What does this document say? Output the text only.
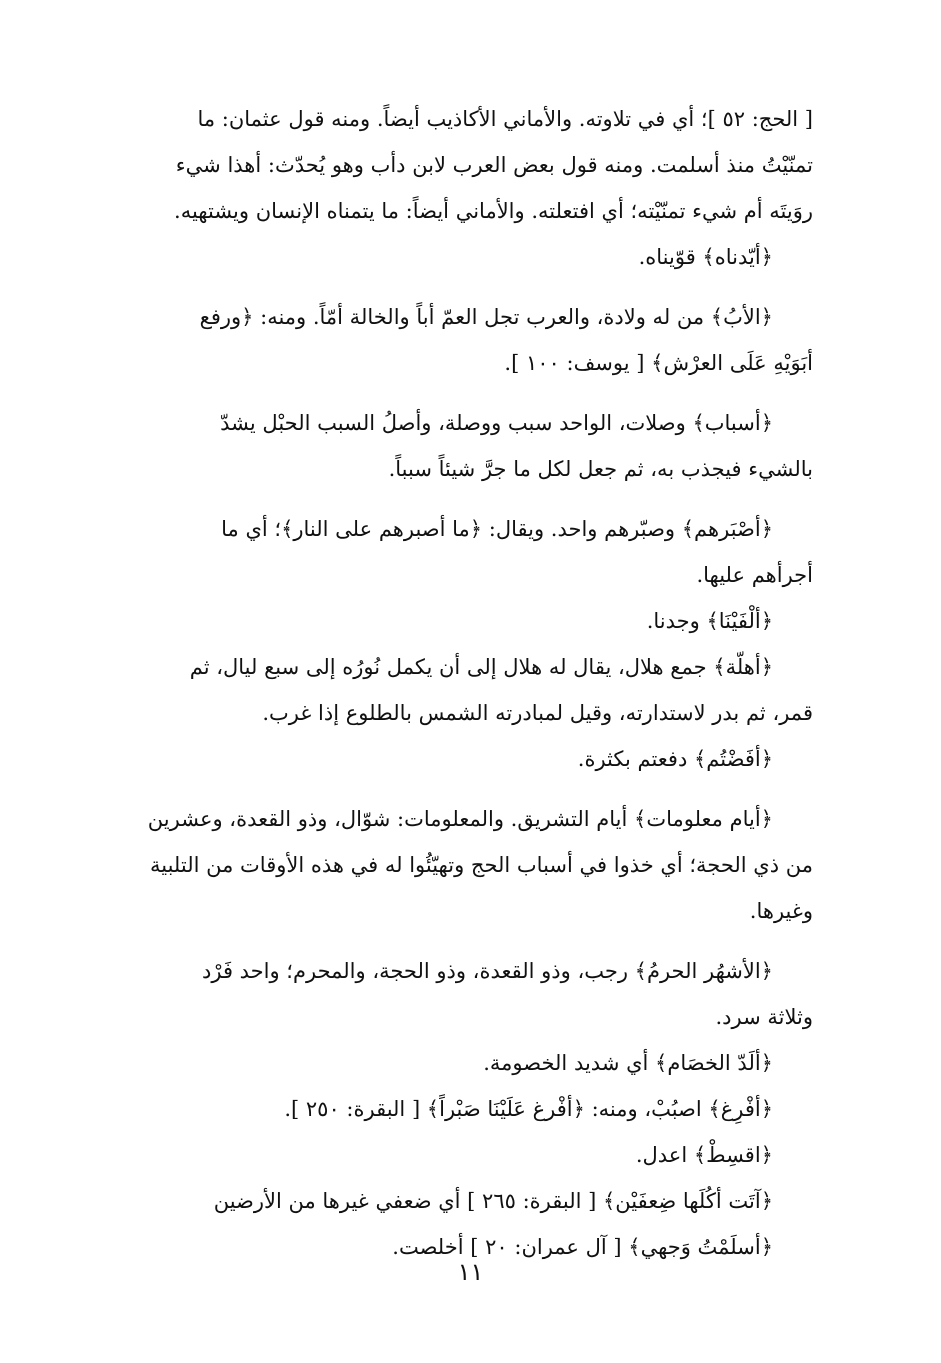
[ الحج: ٥٢ ]؛ أي في تلاوته. والأماني الأكاذيب أيضاً. ومنه قول عثمان: ما
تمنّيْتُ منذ أسلمت. ومنه قول بعض العرب لابن دأب وهو يُحدّث: أهذا شيء
روَيتَه أم شيء تمنّيْته؛ أي افتعلته. والأماني أيضاً: ما يتمناه الإنسان ويشتهيه.
﴿أيّدناه﴾ قوّيناه.
﴿الأبُ﴾ من له ولادة، والعرب تجل العمّ أباً والخالة أمّاً. ومنه: ﴿ورفع
أبَوَيْهِ عَلَى العرْش﴾ [ يوسف: ١٠٠ ].
﴿أسباب﴾ وصلات، الواحد سبب ووصلة، وأصلُ السبب الحبْل يشدّ
بالشيء فيجذب به، ثم جعل لكل ما جرَّ شيئاً سبباً.
﴿أصْبَرهم﴾ وصبّرهم واحد. ويقال: ﴿ما أصبرهم على النار﴾؛ أي ما
أجرأهم عليها.
﴿ألْفَيْنَا﴾ وجدنا.
﴿أهلّة﴾ جمع هلال، يقال له هلال إلى أن يكمل نُورُه إلى سبع ليال، ثم
قمر، ثم بدر لاستدارته، وقيل لمبادرته الشمس بالطلوع إذا غرب.
﴿أفَضْتُم﴾ دفعتم بكثرة.
﴿أيام معلومات﴾ أيام التشريق. والمعلومات: شوّال، وذو القعدة، وعشرين
من ذي الحجة؛ أي خذوا في أسباب الحج وتهيّئُوا له في هذه الأوقات من التلبية
وغيرها.
﴿الأشهُر الحرمُ﴾ رجب، وذو القعدة، وذو الحجة، والمحرم؛ واحد فَرْد
وثلاثة سرد.
﴿ألَدّ الخصَام﴾ أي شديد الخصومة.
﴿أفْرِغ﴾ اصبُبْ، ومنه: ﴿أفْرغ عَلَيْنَا صَبْراً﴾ [ البقرة: ٢٥٠ ].
﴿اقسِطْ﴾ اعدل.
﴿آتَت أكُلَها ضِعفَيْن﴾ [ البقرة: ٢٦٥ ] أي ضعفي غيرها من الأرضين
﴿أسلَمْتُ وَجهي﴾ [ آل عمران: ٢٠ ] أخلصت.
١١
